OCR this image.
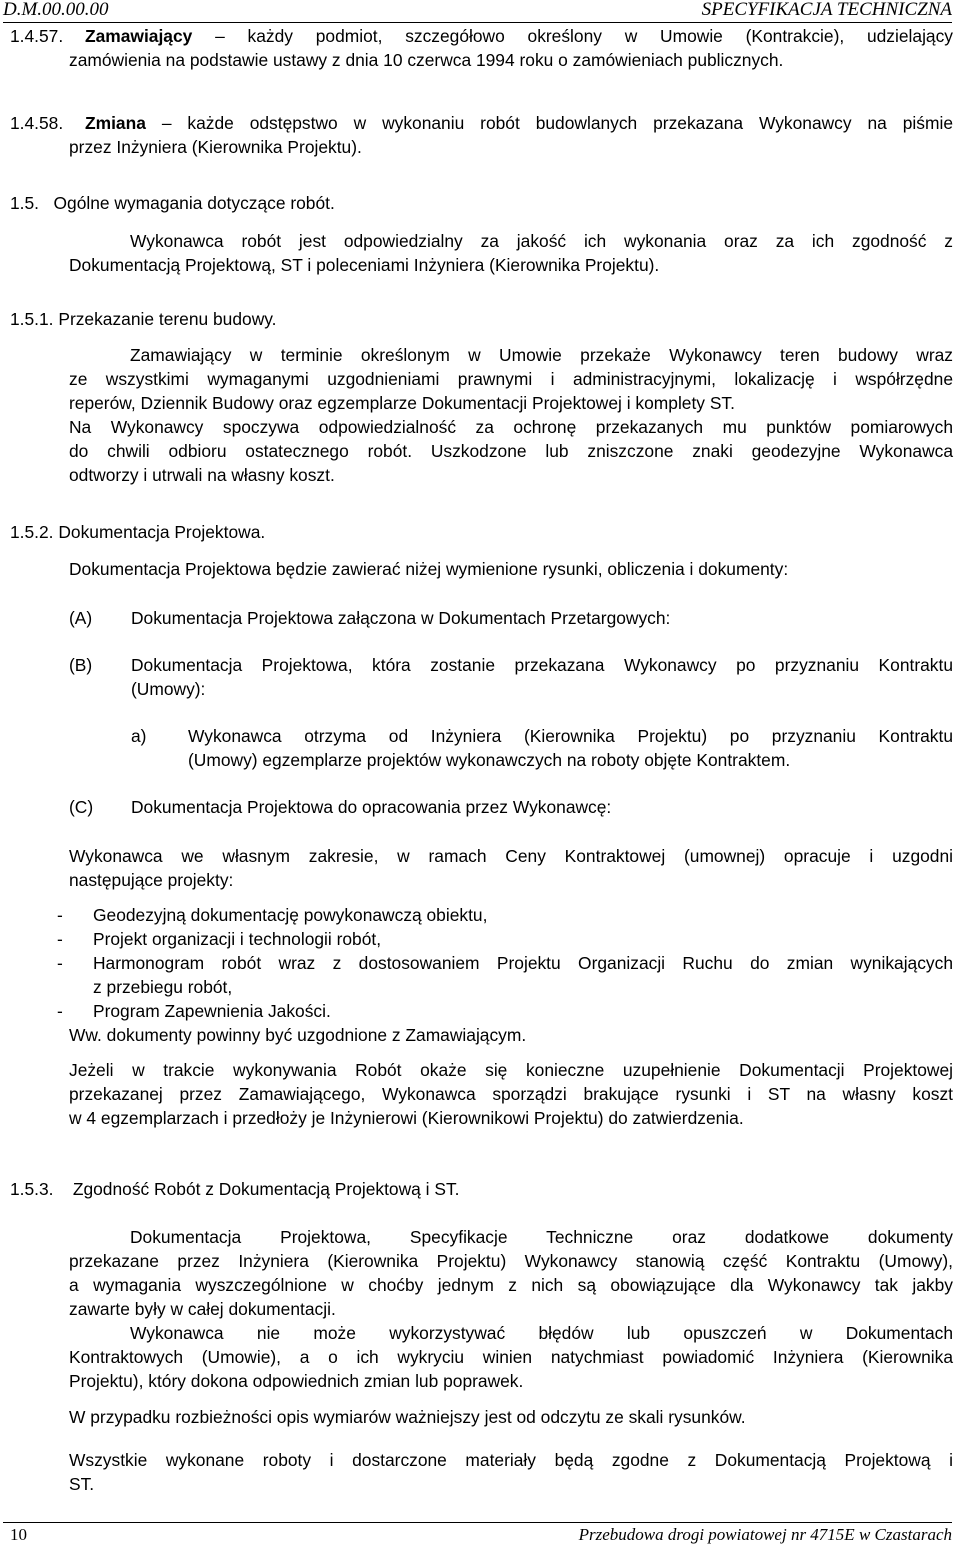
D.M.00.00.00	SPECYFIKACJA TECHNICZNA
1.4.57. Zamawiający – każdy podmiot, szczegółowo określony w Umowie (Kontrakcie), udzielający
zamówienia na podstawie ustawy z dnia 10 czerwca 1994 roku o zamówieniach publicznych.
1.4.58. Zmiana – każde odstępstwo w wykonaniu robót budowlanych przekazana Wykonawcy na piśmie
przez Inżyniera (Kierownika Projektu).
1.5.   Ogólne wymagania dotyczące robót.
Wykonawca robót jest odpowiedzialny za jakość ich wykonania oraz za ich zgodność z
Dokumentacją Projektową, ST i poleceniami Inżyniera (Kierownika Projektu).
1.5.1. Przekazanie terenu budowy.
Zamawiający w terminie określonym w Umowie przekaże Wykonawcy teren budowy wraz
ze wszystkimi wymaganymi uzgodnieniami prawnymi i administracyjnymi, lokalizację i współrzędne
reperów, Dziennik Budowy oraz egzemplarze Dokumentacji Projektowej i komplety ST.
Na Wykonawcy spoczywa odpowiedzialność za ochronę przekazanych mu punktów pomiarowych
do chwili odbioru ostatecznego robót. Uszkodzone lub zniszczone znaki geodezyjne Wykonawca
odtworzy i utrwali na własny koszt.
1.5.2. Dokumentacja Projektowa.
Dokumentacja Projektowa będzie zawierać niżej wymienione rysunki, obliczenia i dokumenty:
(A) Dokumentacja Projektowa załączona w Dokumentach Przetargowych:
(B) Dokumentacja Projektowa, która zostanie przekazana Wykonawcy po przyznaniu Kontraktu
(Umowy):
a) Wykonawca otrzyma od Inżyniera (Kierownika Projektu) po przyznaniu Kontraktu
(Umowy) egzemplarze projektów wykonawczych na roboty objęte Kontraktem.
(C) Dokumentacja Projektowa do opracowania przez Wykonawcę:
Wykonawca we własnym zakresie, w ramach Ceny Kontraktowej (umownej) opracuje i uzgodni
następujące projekty:
- Geodezyjną dokumentację powykonawczą obiektu,
- Projekt organizacji i technologii robót,
- Harmonogram robót wraz z dostosowaniem Projektu Organizacji Ruchu do zmian wynikających
z przebiegu robót,
- Program Zapewnienia Jakości.
Ww. dokumenty powinny być uzgodnione z Zamawiającym.
Jeżeli w trakcie wykonywania Robót okaże się konieczne uzupełnienie Dokumentacji Projektowej
przekazanej przez Zamawiającego, Wykonawca sporządzi brakujące rysunki i ST na własny koszt
w 4 egzemplarzach i przedłoży je Inżynierowi (Kierownikowi Projektu) do zatwierdzenia.
1.5.3.    Zgodność Robót z Dokumentacją Projektową i ST.
Dokumentacja Projektowa, Specyfikacje Techniczne oraz dodatkowe dokumenty
przekazane przez Inżyniera (Kierownika Projektu) Wykonawcy stanowią część Kontraktu (Umowy),
a wymagania wyszczególnione w choćby jednym z nich są obowiązujące dla Wykonawcy tak jakby
zawarte były w całej dokumentacji.
Wykonawca nie może wykorzystywać błędów lub opuszczeń w Dokumentach
Kontraktowych (Umowie), a o ich wykryciu winien natychmiast powiadomić Inżyniera (Kierownika
Projektu), który dokona odpowiednich zmian lub poprawek.
W przypadku rozbieżności opis wymiarów ważniejszy jest od odczytu ze skali rysunków.
Wszystkie wykonane roboty i dostarczone materiały będą zgodne z Dokumentacją Projektową i
ST.
10	Przebudowa drogi powiatowej nr 4715E w Czastarach
